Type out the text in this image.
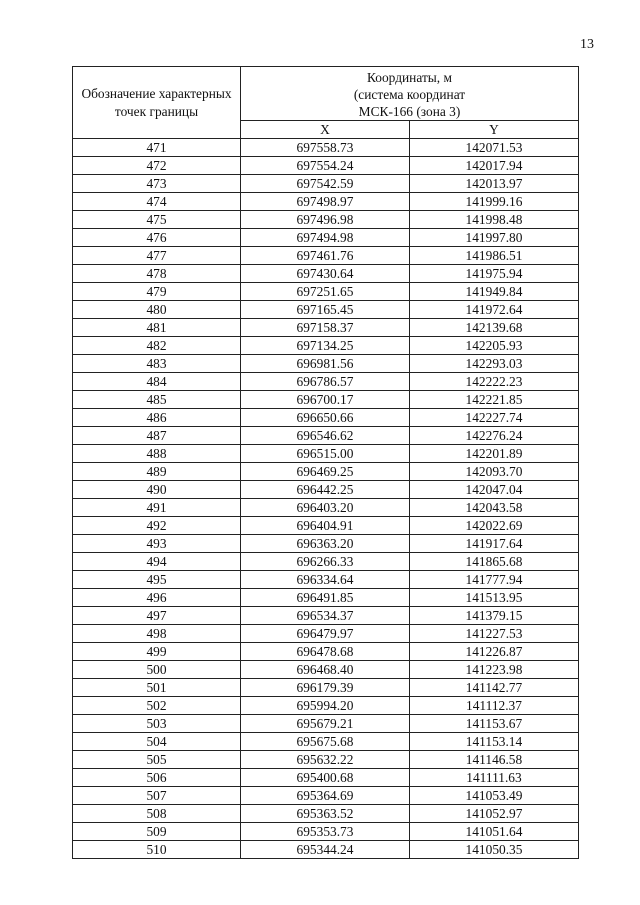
13
Обозначение характерных точек границы	Координаты, м
(система координат
МСК-166 (зона 3)	
	X	Y
471	697558.73	142071.53
472	697554.24	142017.94
473	697542.59	142013.97
474	697498.97	141999.16
475	697496.98	141998.48
476	697494.98	141997.80
477	697461.76	141986.51
478	697430.64	141975.94
479	697251.65	141949.84
480	697165.45	141972.64
481	697158.37	142139.68
482	697134.25	142205.93
483	696981.56	142293.03
484	696786.57	142222.23
485	696700.17	142221.85
486	696650.66	142227.74
487	696546.62	142276.24
488	696515.00	142201.89
489	696469.25	142093.70
490	696442.25	142047.04
491	696403.20	142043.58
492	696404.91	142022.69
493	696363.20	141917.64
494	696266.33	141865.68
495	696334.64	141777.94
496	696491.85	141513.95
497	696534.37	141379.15
498	696479.97	141227.53
499	696478.68	141226.87
500	696468.40	141223.98
501	696179.39	141142.77
502	695994.20	141112.37
503	695679.21	141153.67
504	695675.68	141153.14
505	695632.22	141146.58
506	695400.68	141111.63
507	695364.69	141053.49
508	695363.52	141052.97
509	695353.73	141051.64
510	695344.24	141050.35
